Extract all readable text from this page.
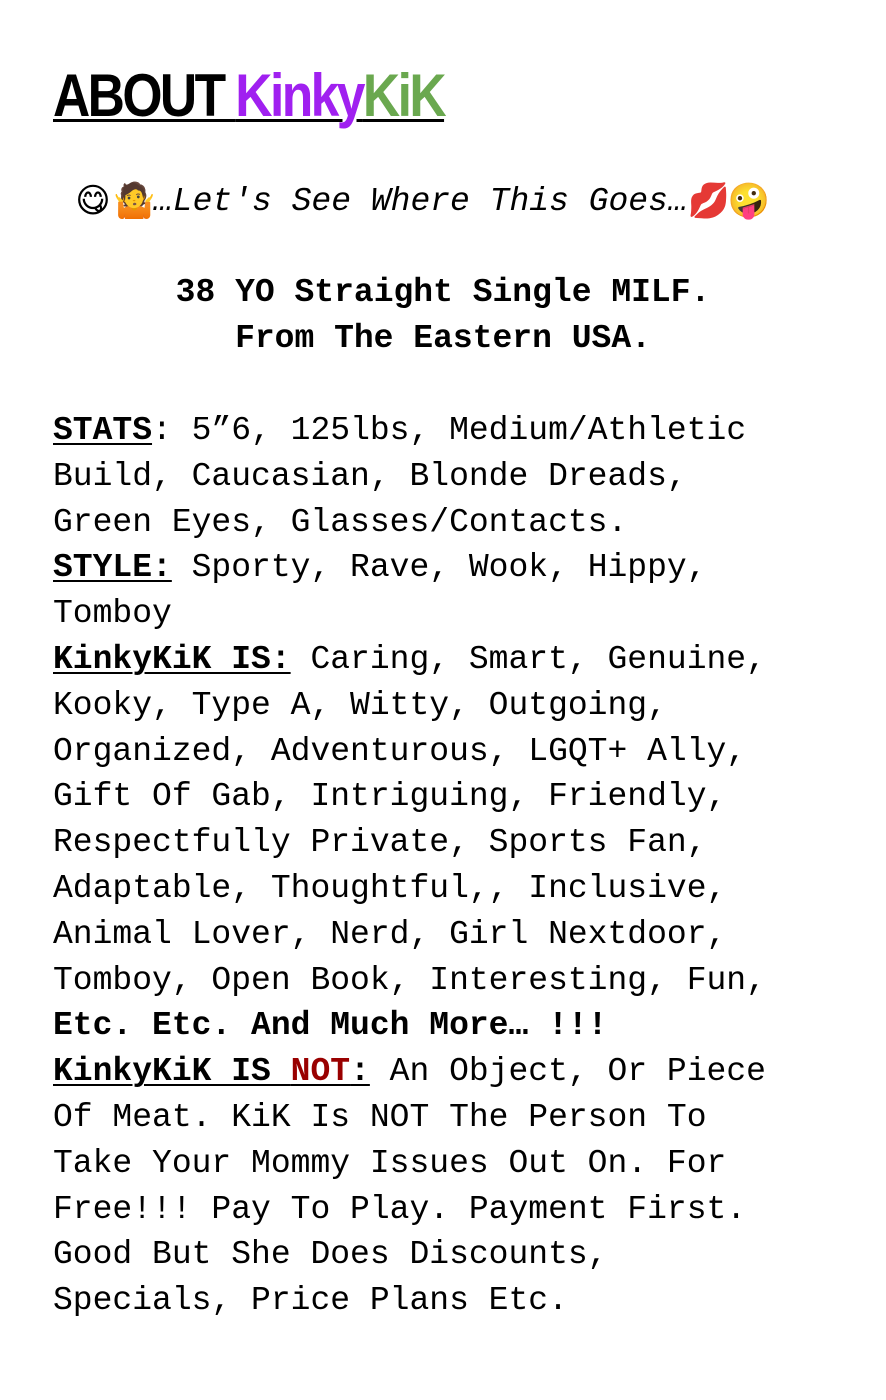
ABOUT KinkyKiK
😋🤷…Let's See Where This Goes…💋🤪
38 YO Straight Single MILF.
From The Eastern USA.
STATS: 5”6, 125lbs, Medium/Athletic
Build, Caucasian, Blonde Dreads,
Green Eyes, Glasses/Contacts.
STYLE: Sporty, Rave, Wook, Hippy,
Tomboy
KinkyKiK IS: Caring, Smart, Genuine,
Kooky, Type A, Witty, Outgoing,
Organized, Adventurous, LGQT+ Ally,
Gift Of Gab, Intriguing, Friendly,
Respectfully Private, Sports Fan,
Adaptable, Thoughtful,, Inclusive,
Animal Lover, Nerd, Girl Nextdoor,
Tomboy, Open Book, Interesting, Fun,
Etc. Etc. And Much More… !!!
KinkyKiK IS NOT: An Object, Or Piece
Of Meat. KiK Is NOT The Person To
Take Your Mommy Issues Out On. For
Free!!! Pay To Play. Payment First.
Good But She Does Discounts,
Specials, Price Plans Etc.
